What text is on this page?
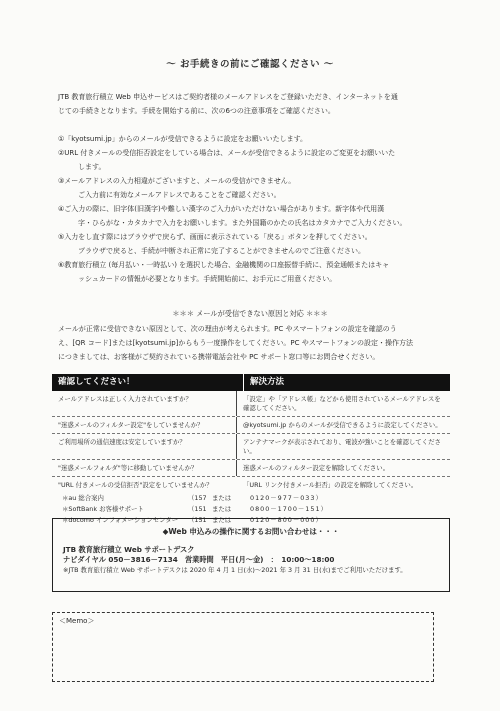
～ お手続きの前にご確認ください ～
JTB 教育旅行積立 Web 申込サービスはご契約者様のメールアドレスをご登録いただき、インターネットを通
じての手続きとなります。手続を開始する前に、次の6つの注意事項をご確認ください。
①「kyotsumi.jp」からのメールが受信できるように設定をお願いいたします。
②URL 付きメールの受信拒否設定をしている場合は、メールが受信できるように設定のご変更をお願いいた
します。
③メールアドレスの入力相違がございますと、メールの受信ができません。
ご入力前に有効なメールアドレスであることをご確認ください。
④ご入力の際に、旧字体(旧漢字)や難しい漢字のご入力がいただけない場合があります。新字体や代用漢
字・ひらがな・カタカナで入力をお願いします。また外国籍のかたの氏名はカタカナでご入力ください。
⑤入力をし直す際にはブラウザで戻らず、画面に表示されている「戻る」ボタンを押してください。
ブラウザで戻ると、手続が中断され正常に完了することができませんのでご注意ください。
⑥教育旅行積立 (毎月払い・一時払い) を選択した場合、金融機関の口座振替手続に、預金通帳またはキャ
ッシュカードの情報が必要となります。手続開始前に、お手元にご用意ください。
＊＊＊ メールが受信できない原因と対応 ＊＊＊
メールが正常に受信できない原因として、次の理由が考えられます。PC やスマートフォンの設定を確認のう
え、[QR コード]または[kyotsumi.jp]からもう一度操作をしてください。PC やスマートフォンの設定・操作方法
につきましては、お客様がご契約されている携帯電話会社や PC サポート窓口等にお問合せください。
確認してください！	解決方法
メールアドレスは正しく入力されていますか？	「設定」や「アドレス帳」などから使用されているメールアドレスを確認してください。
"迷惑メールのフィルター設定"をしていませんか？	@kyotsumi.jp からのメールが受信できるように設定してください。
ご利用場所の通信速度は安定していますか？	アンテナマークが表示されており、電波が強いことを確認してください。
"迷惑メールフォルダ"等に移動していませんか？	迷惑メールのフィルター設定を解除してください。
"URL 付きメールの受信拒否"設定をしていませんか？	「URL リンク付きメール拒否」の設定を解除してください。
＊au 総合案内	（157 または	0120－977－033）
＊SoftBank お客様サポート	（151 または	0800－1700－151）
＊docomo インフォメーションセンター	（151 または	0120－800－000）
◆Web 申込みの操作に関するお問い合わせは・・・
JTB 教育旅行積立 Web サポートデスク
ナビダイヤル 050－3816－7134　営業時間　平日(月～金)　：　10:00～18:00
※JTB 教育旅行積立 Web サポートデスクは 2020 年 4 月 1 日(水)～2021 年 3 月 31 日(水)までご利用いただけます。
＜Memo＞
